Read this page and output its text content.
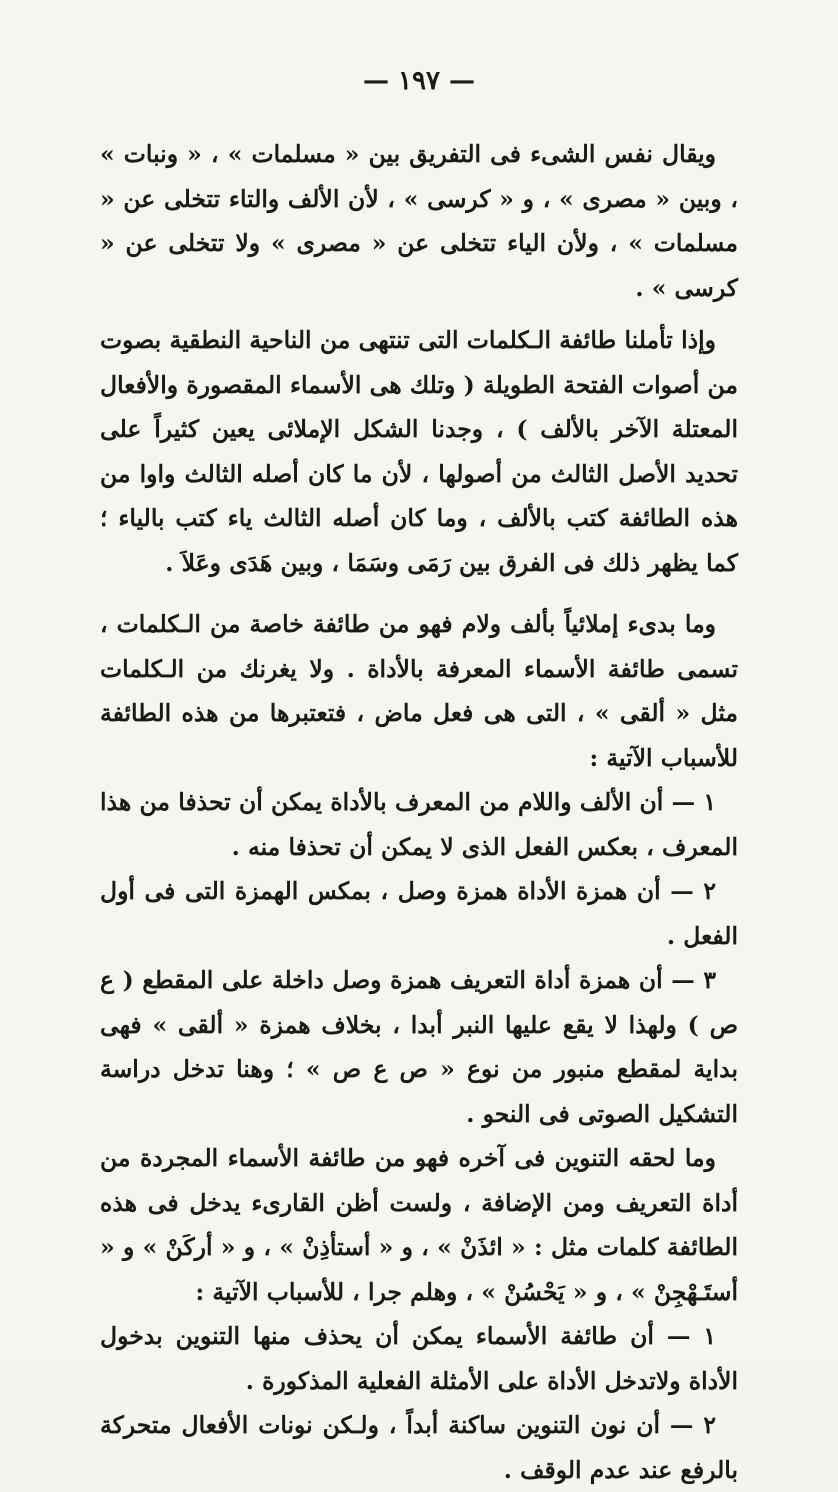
— ١٩٧ —

ويقال نفس الشىء فى التفريق بين « مسلمات » ، « ونبات » ، وبين « مصرى » ، و « كرسى » ، لأن الألف والتاء تتخلى عن « مسلمات » ، ولأن الياء تتخلى عن « مصرى » ولا تتخلى عن « كرسى » .

وإذا تأملنا طائفة الـكلمات التى تنتهى من الناحية النطقية بصوت من أصوات الفتحة الطويلة ( وتلك هى الأسماء المقصورة والأفعال المعتلة الآخر بالألف ) ، وجدنا الشكل الإملائى يعين كثيراً على تحديد الأصل الثالث من أصولها ، لأن ما كان أصله الثالث واوا من هذه الطائفة كتب بالألف ، وما كان أصله الثالث ياء كتب بالياء ؛ كما يظهر ذلك فى الفرق بين رَمَى وسَمَا ، وبين هَدَى وعَلاَ .

وما بدىء إملائياً بألف ولام فهو من طائفة خاصة من الـكلمات ، تسمى طائفة الأسماء المعرفة بالأداة . ولا يغرنك من الـكلمات مثل « ألقى » ، التى هى فعل ماض ، فتعتبرها من هذه الطائفة للأسباب الآتية :

١ — أن الألف واللام من المعرف بالأداة يمكن أن تحذفا من هذا المعرف ، بعكس الفعل الذى لا يمكن أن تحذفا منه .

٢ — أن همزة الأداة همزة وصل ، بمكس الهمزة التى فى أول الفعل .

٣ — أن همزة أداة التعريف همزة وصل داخلة على المقطع ( ع ص ) ولهذا لا يقع عليها النبر أبدا ، بخلاف همزة « ألقى » فهى بداية لمقطع منبور من نوع « ص ع ص » ؛ وهنا تدخل دراسة التشكيل الصوتى فى النحو .

وما لحقه التنوين فى آخره فهو من طائفة الأسماء المجردة من أداة التعريف ومن الإضافة ، ولست أظن القارىء يدخل فى هذه الطائفة كلمات مثل : « ائذَنْ » ، و « أستأذِنْ » ، و « أركَنْ » و « أستَـهْجِنْ » ، و « يَحْسُنْ » ، وهلم جرا ، للأسباب الآتية :

١ — أن طائفة الأسماء يمكن أن يحذف منها التنوين بدخول الأداة ولاتدخل الأداة على الأمثلة الفعلية المذكورة .

٢ — أن نون التنوين ساكنة أبداً ، ولـكن نونات الأفعال متحركة بالرفع عند عدم الوقف .
